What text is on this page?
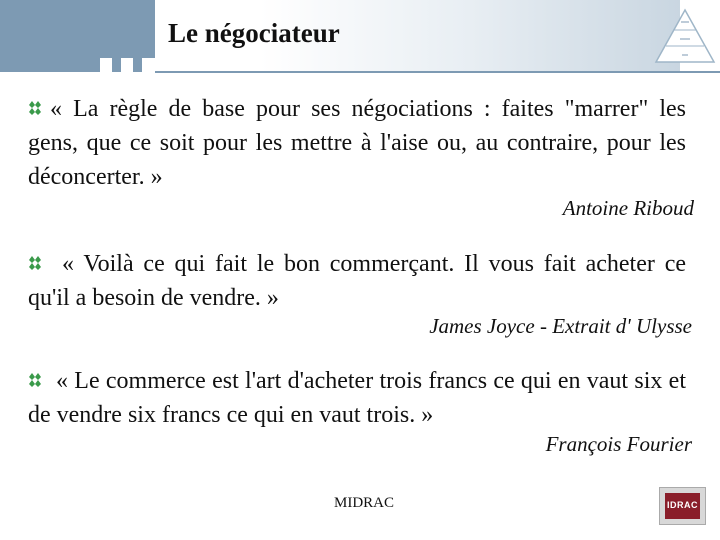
Le négociateur
« La règle de base pour ses négociations : faites "marrer" les gens, que ce soit pour les mettre à l'aise ou, au contraire, pour les déconcerter. »
Antoine Riboud
« Voilà ce qui fait le bon commerçant. Il vous fait acheter ce qu'il a besoin de vendre. »
James Joyce - Extrait d' Ulysse
« Le commerce est l'art d'acheter trois francs ce qui en vaut six et de vendre six francs ce qui en vaut trois. »
François Fourier
MIDRAC	IDRAC
